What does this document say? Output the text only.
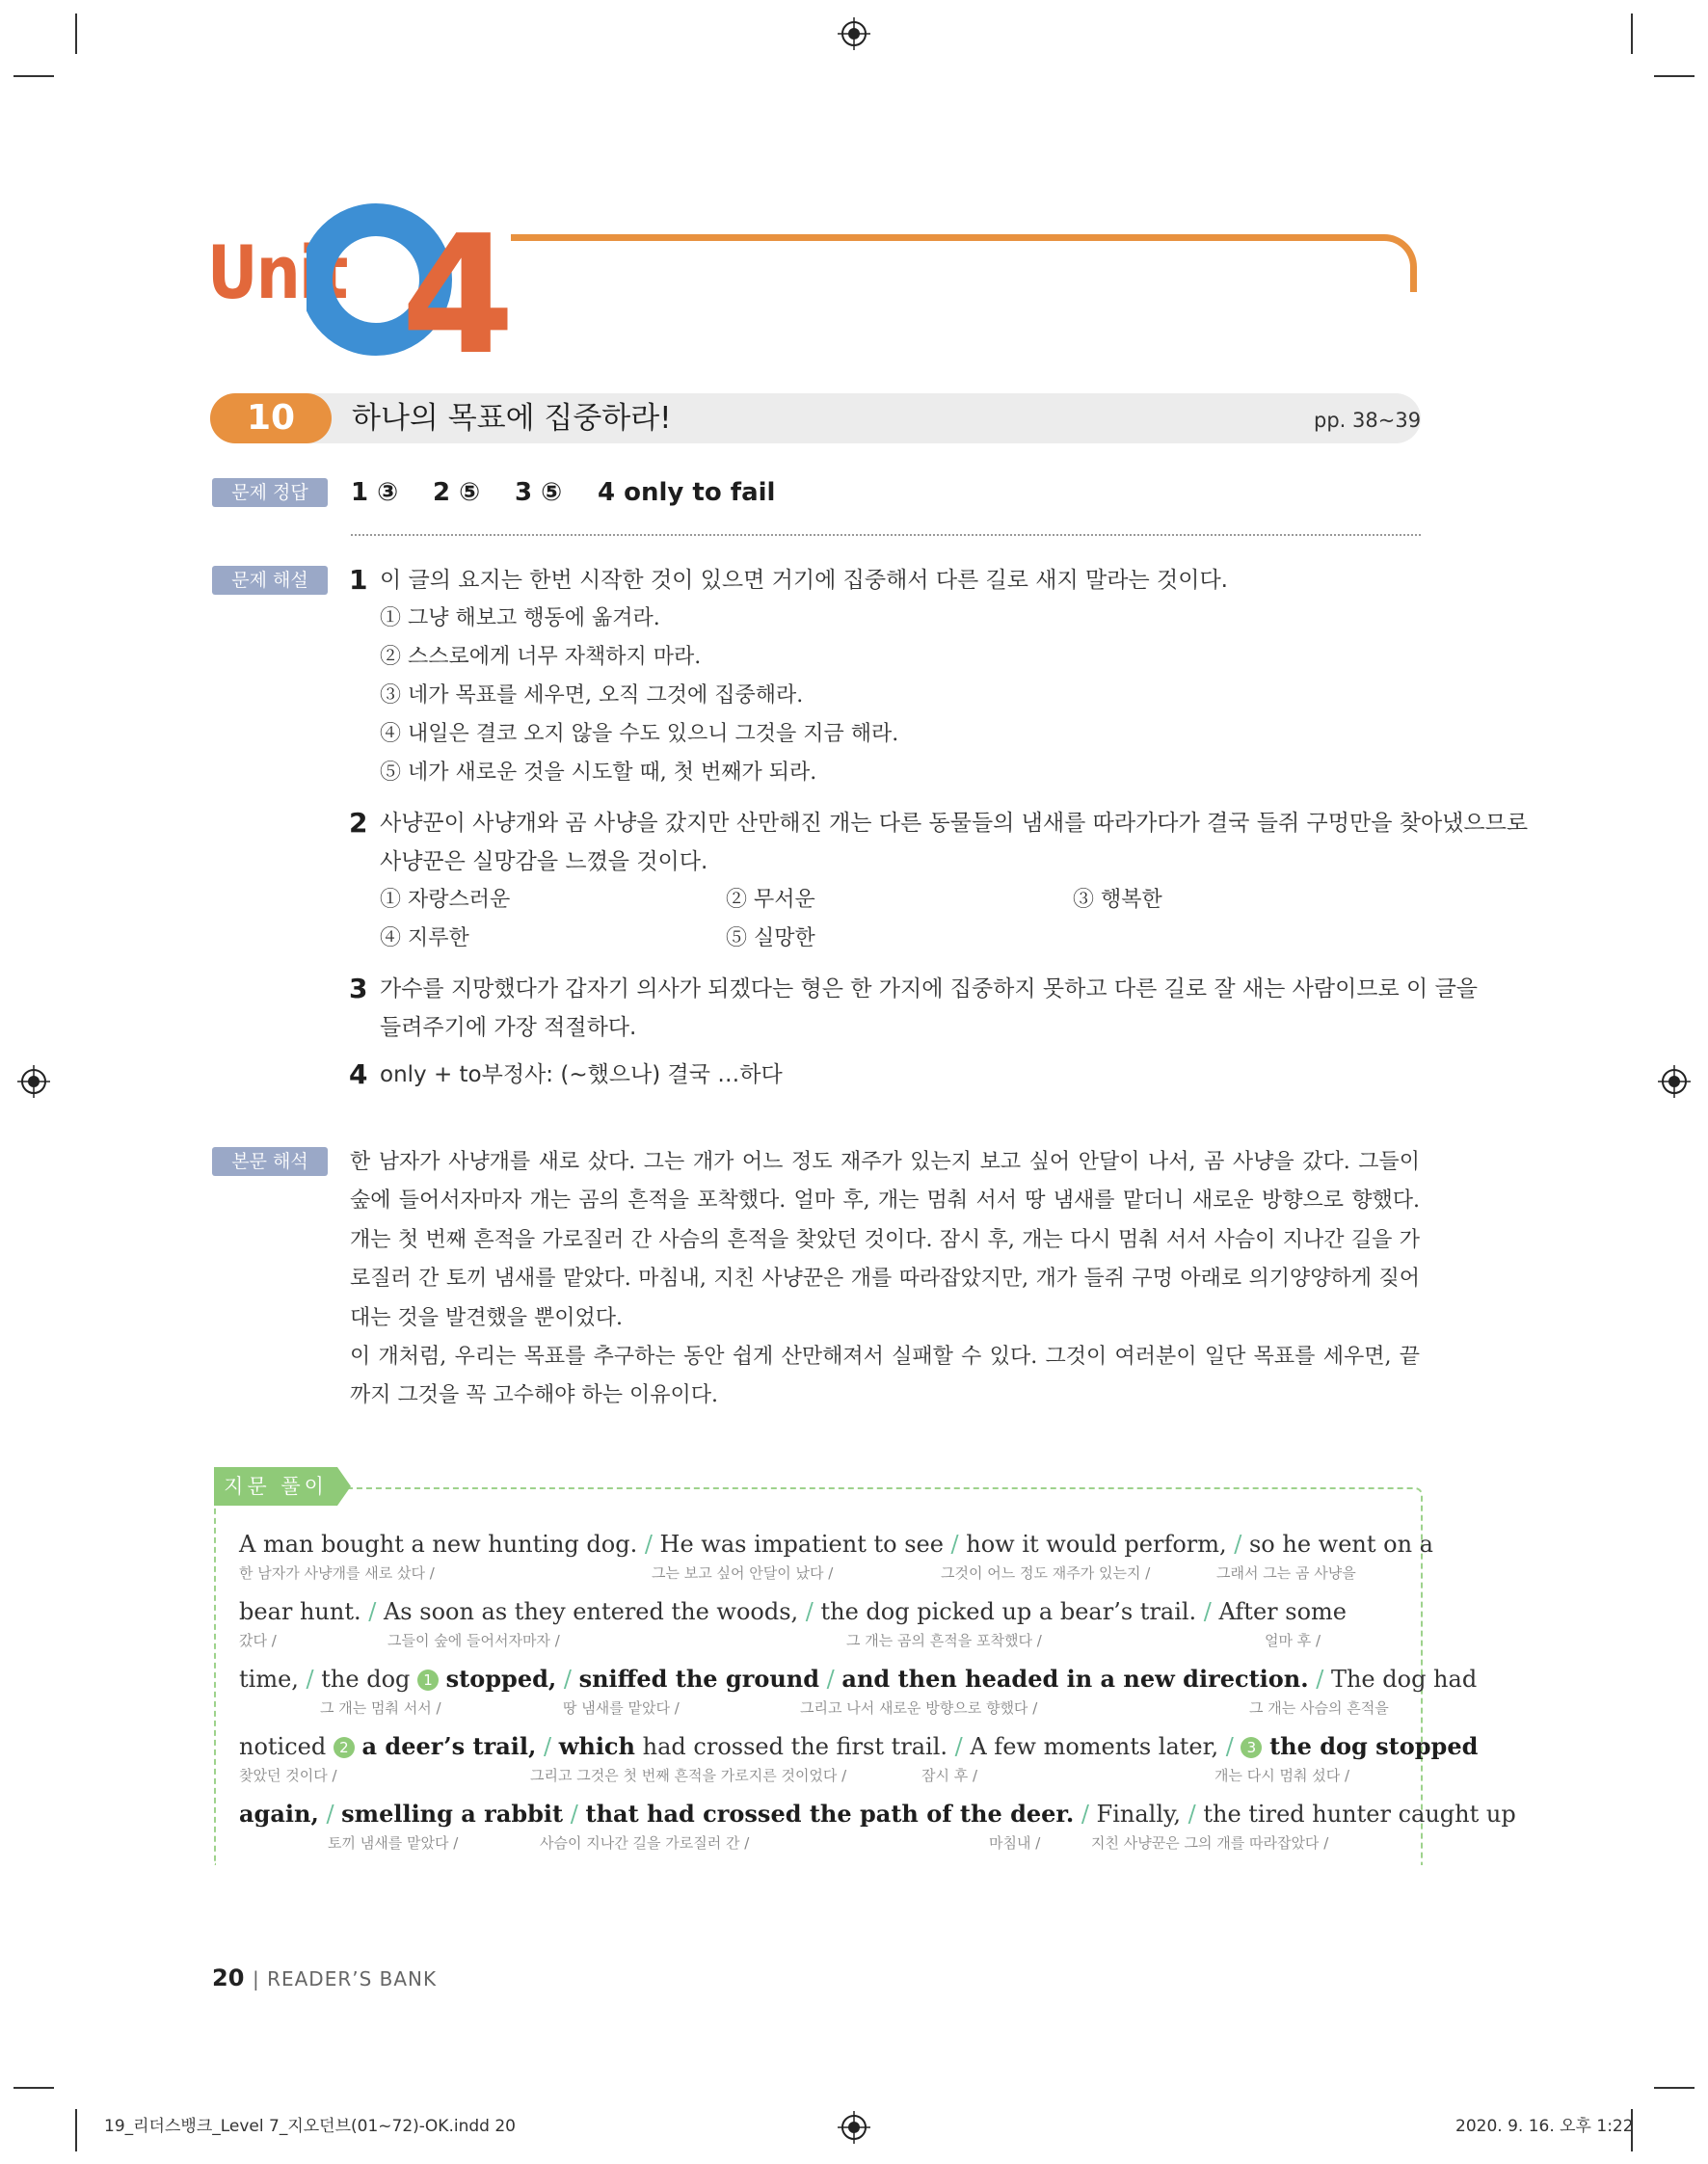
Unit 4
10	하나의 목표에 집중하라!	pp. 38~39
문제 정답	1 ③ 2 ⑤ 3 ⑤ 4 only to fail
문제 해설	1 이 글의 요지는 한번 시작한 것이 있으면 거기에 집중해서 다른 길로 새지 말라는 것이다.
① 그냥 해보고 행동에 옮겨라.
② 스스로에게 너무 자책하지 마라.
③ 네가 목표를 세우면, 오직 그것에 집중해라.
④ 내일은 결코 오지 않을 수도 있으니 그것을 지금 해라.
⑤ 네가 새로운 것을 시도할 때, 첫 번째가 되라.
2 사냥꾼이 사냥개와 곰 사냥을 갔지만 산만해진 개는 다른 동물들의 냄새를 따라가다가 결국 들쥐 구멍만을 찾아냈으므로
사냥꾼은 실망감을 느꼈을 것이다.
① 자랑스러운	② 무서운	③ 행복한
④ 지루한	⑤ 실망한
3 가수를 지망했다가 갑자기 의사가 되겠다는 형은 한 가지에 집중하지 못하고 다른 길로 잘 새는 사람이므로 이 글을
들려주기에 가장 적절하다.
4 only + to부정사: (~했으나) 결국 …하다
본문 해석	한 남자가 사냥개를 새로 샀다. 그는 개가 어느 정도 재주가 있는지 보고 싶어 안달이 나서, 곰 사냥을 갔다. 그들이 숲에 들어서자마자 개는 곰의 흔적을 포착했다. 얼마 후, 개는 멈춰 서서 땅 냄새를 맡더니 새로운 방향으로 향했다. 개는 첫 번째 흔적을 가로질러 간 사슴의 흔적을 찾았던 것이다. 잠시 후, 개는 다시 멈춰 서서 사슴이 지나간 길을 가로질러 간 토끼 냄새를 맡았다. 마침내, 지친 사냥꾼은 개를 따라잡았지만, 개가 들쥐 구멍 아래로 의기양양하게 짖어 대는 것을 발견했을 뿐이었다.

이 개처럼, 우리는 목표를 추구하는 동안 쉽게 산만해져서 실패할 수 있다. 그것이 여러분이 일단 목표를 세우면, 끝까지 그것을 꼭 고수해야 하는 이유이다.

지문 풀이
A man bought a new hunting dog. / He was impatient to see / how it would perform, / so he went on a
한 남자가 사냥개를 새로 샀다 /	그는 보고 싶어 안달이 났다 /	그것이 어느 정도 재주가 있는지 /	그래서 그는 곰 사냥을
bear hunt. / As soon as they entered the woods, / the dog picked up a bear’s trail. / After some
갔다 /	그들이 숲에 들어서자마자 /	그 개는 곰의 흔적을 포착했다 /	얼마 후 /
time, / the dog 1 stopped, / sniffed the ground / and then headed in a new direction. / The dog had
그 개는 멈춰 서서 /	땅 냄새를 맡았다 /	그리고 나서 새로운 방향으로 향했다 /	그 개는 사슴의 흔적을
noticed 2 a deer’s trail, / which had crossed the first trail. / A few moments later, / 3 the dog stopped
찾았던 것이다 /	그리고 그것은 첫 번째 흔적을 가로지른 것이었다 /	잠시 후 /	개는 다시 멈춰 섰다 /
again, / smelling a rabbit / that had crossed the path of the deer. / Finally, / the tired hunter caught up
토끼 냄새를 맡았다 /	사슴이 지나간 길을 가로질러 간 /	마침내 /	지친 사냥꾼은 그의 개를 따라잡았다 /
20 | READER’S BANK
19_리더스뱅크_Level 7_지오던브(01~72)-OK.indd 20	2020. 9. 16. 오후 1:22
